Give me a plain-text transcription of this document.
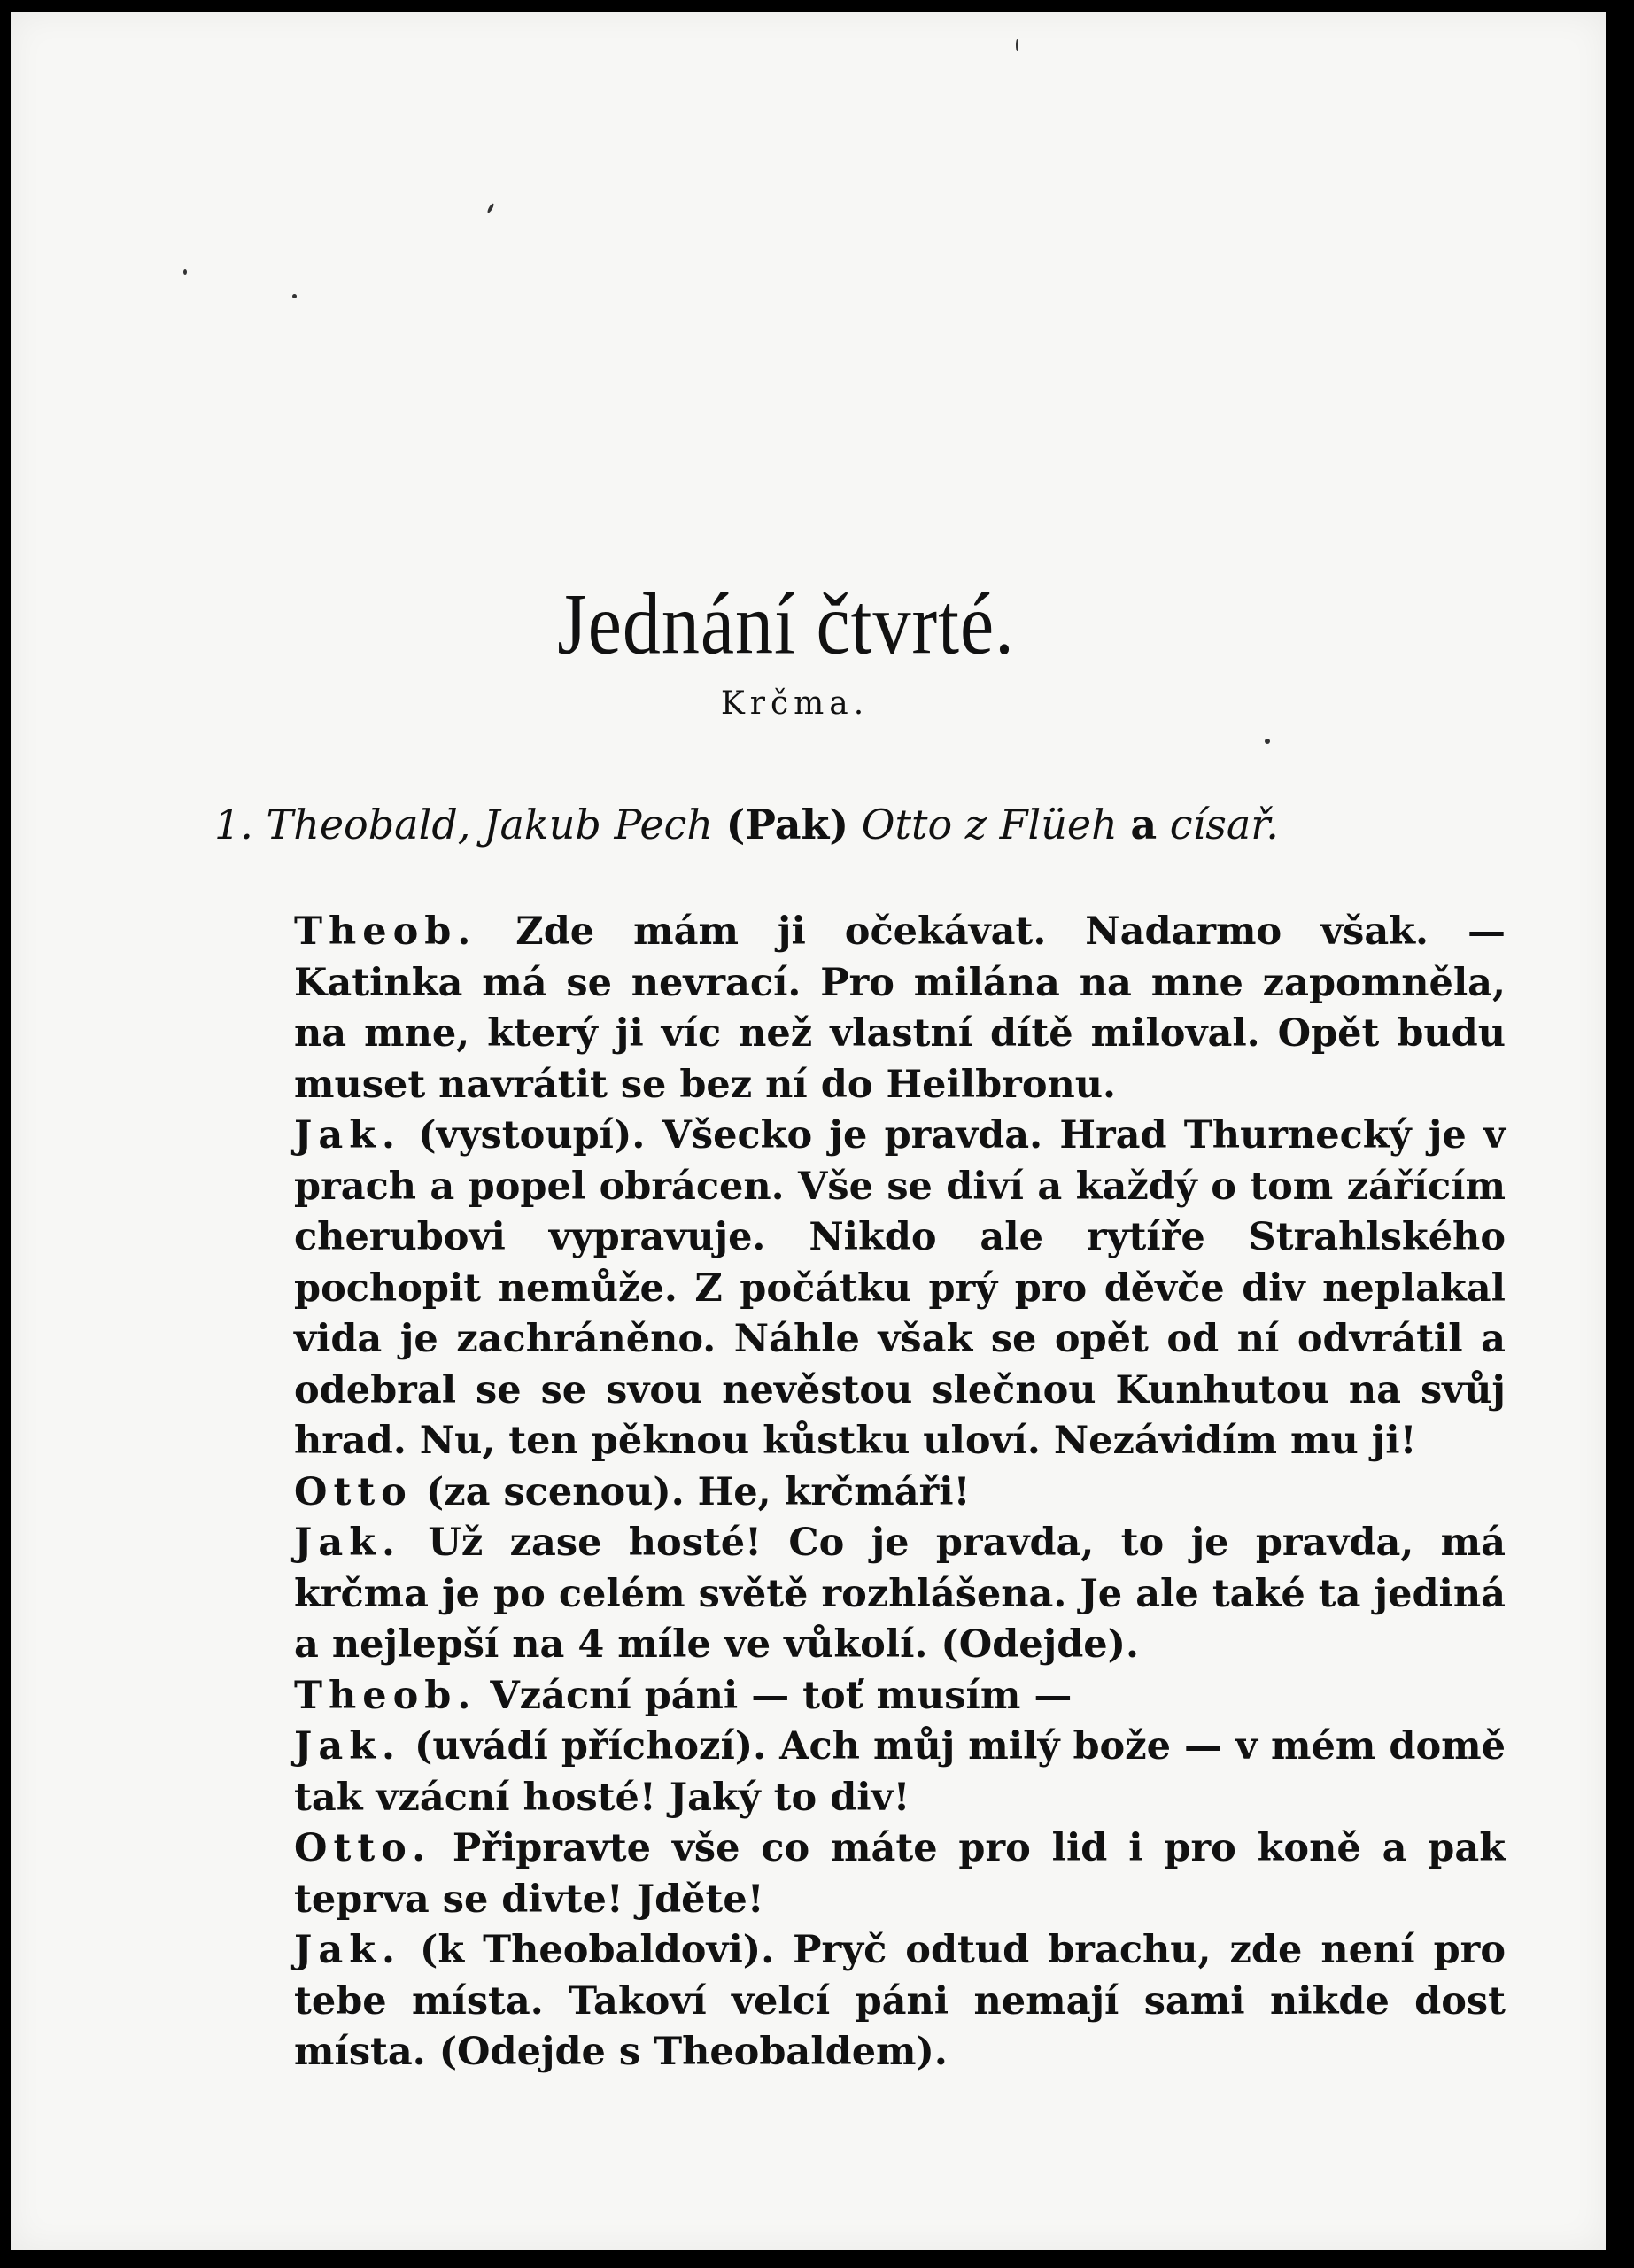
Jednání čtvrté.
Krčma.
1. Theobald, Jakub Pech (Pak) Otto z Flüeh a císař.

Theob. Zde mám ji očekávat. Nadarmo však. — Katinka má se nevrací. Pro milána na mne zapomněla, na mne, který ji víc než vlastní dítě miloval. Opět budu muset navrátit se bez ní do Heilbronu.

Jak. (vystoupí). Všecko je pravda. Hrad Thurnecký je v prach a popel obrácen. Vše se diví a každý o tom zářícím cherubovi vypravuje. Nikdo ale rytíře Strahlského pochopit nemůže. Z počátku prý pro děvče div neplakal vida je zachráněno. Náhle však se opět od ní odvrátil a odebral se se svou nevěstou slečnou Kunhutou na svůj hrad. Nu, ten pěknou kůstku uloví. Nezávidím mu ji!

Otto (za scenou). He, krčmáři!

Jak. Už zase hosté! Co je pravda, to je pravda, má krčma je po celém světě rozhlášena. Je ale také ta jediná a nejlepší na 4 míle ve vůkolí. (Odejde).

Theob. Vzácní páni — toť musím —

Jak. (uvádí příchozí). Ach můj milý bože — v mém domě tak vzácní hosté! Jaký to div!

Otto. Připravte vše co máte pro lid i pro koně a pak teprva se divte! Jděte!

Jak. (k Theobaldovi). Pryč odtud brachu, zde není pro tebe místa. Takoví velcí páni nemají sami nikde dost místa. (Odejde s Theobaldem).
